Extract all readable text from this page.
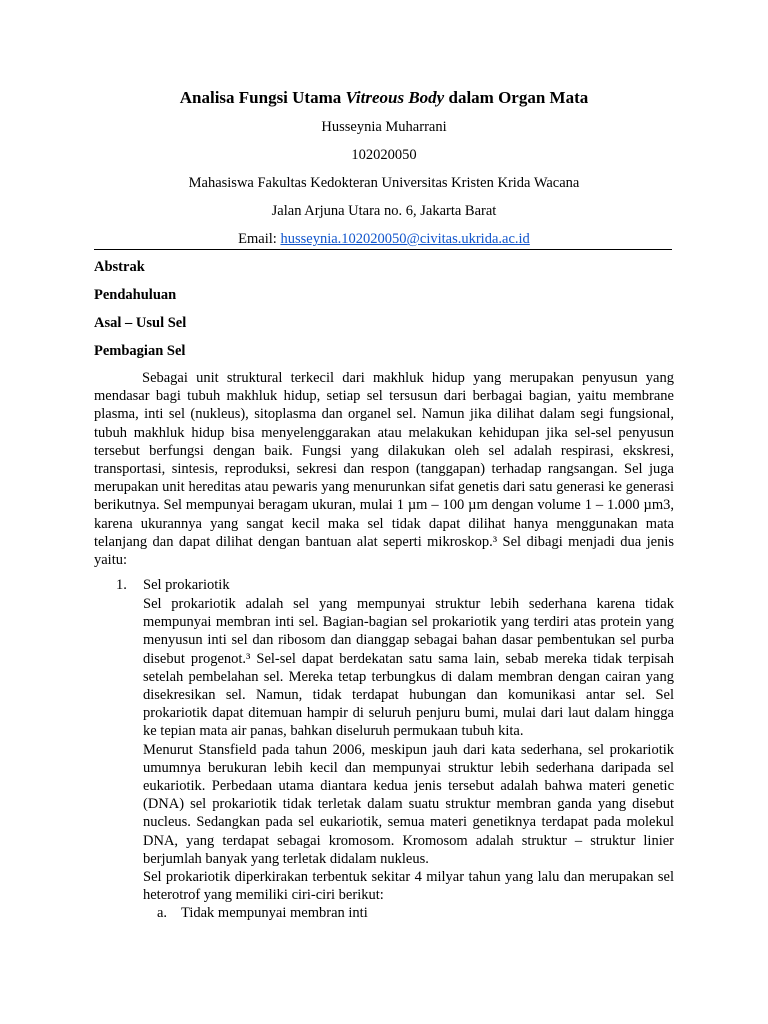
Analisa Fungsi Utama Vitreous Body dalam Organ Mata
Husseynia Muharrani
102020050
Mahasiswa Fakultas Kedokteran Universitas Kristen Krida Wacana
Jalan Arjuna Utara no. 6, Jakarta Barat
Email: husseynia.102020050@civitas.ukrida.ac.id
Abstrak
Pendahuluan
Asal – Usul Sel
Pembagian Sel

Sebagai unit struktural terkecil dari makhluk hidup yang merupakan penyusun yang mendasar bagi tubuh makhluk hidup, setiap sel tersusun dari berbagai bagian, yaitu membrane plasma, inti sel (nukleus), sitoplasma dan organel sel. Namun jika dilihat dalam segi fungsional, tubuh makhluk hidup bisa menyelenggarakan atau melakukan kehidupan jika sel-sel penyusun tersebut berfungsi dengan baik. Fungsi yang dilakukan oleh sel adalah respirasi, ekskresi, transportasi, sintesis, reproduksi, sekresi dan respon (tanggapan) terhadap rangsangan. Sel juga merupakan unit hereditas atau pewaris yang menurunkan sifat genetis dari satu generasi ke generasi berikutnya. Sel mempunyai beragam ukuran, mulai 1 µm – 100 µm dengan volume 1 – 1.000 µm3, karena ukurannya yang sangat kecil maka sel tidak dapat dilihat hanya menggunakan mata telanjang dan dapat dilihat dengan bantuan alat seperti mikroskop.³ Sel dibagi menjadi dua jenis yaitu:

1. Sel prokariotik

Sel prokariotik adalah sel yang mempunyai struktur lebih sederhana karena tidak mempunyai membran inti sel. Bagian-bagian sel prokariotik yang terdiri atas protein yang menyusun inti sel dan ribosom dan dianggap sebagai bahan dasar pembentukan sel purba disebut progenot.³ Sel-sel dapat berdekatan satu sama lain, sebab mereka tidak terpisah setelah pembelahan sel. Mereka tetap terbungkus di dalam membran dengan cairan yang disekresikan sel. Namun, tidak terdapat hubungan dan komunikasi antar sel. Sel prokariotik dapat ditemuan hampir di seluruh penjuru bumi, mulai dari laut dalam hingga ke tepian mata air panas, bahkan diseluruh permukaan tubuh kita.

Menurut Stansfield pada tahun 2006, meskipun jauh dari kata sederhana, sel prokariotik umumnya berukuran lebih kecil dan mempunyai struktur lebih sederhana daripada sel eukariotik. Perbedaan utama diantara kedua jenis tersebut adalah bahwa materi genetic (DNA) sel prokariotik tidak terletak dalam suatu struktur membran ganda yang disebut nucleus. Sedangkan pada sel eukariotik, semua materi genetiknya terdapat pada molekul DNA, yang terdapat sebagai kromosom. Kromosom adalah struktur – struktur linier berjumlah banyak yang terletak didalam nukleus.

Sel prokariotik diperkirakan terbentuk sekitar 4 milyar tahun yang lalu dan merupakan sel heterotrof yang memiliki ciri-ciri berikut:

a. Tidak mempunyai membran inti
